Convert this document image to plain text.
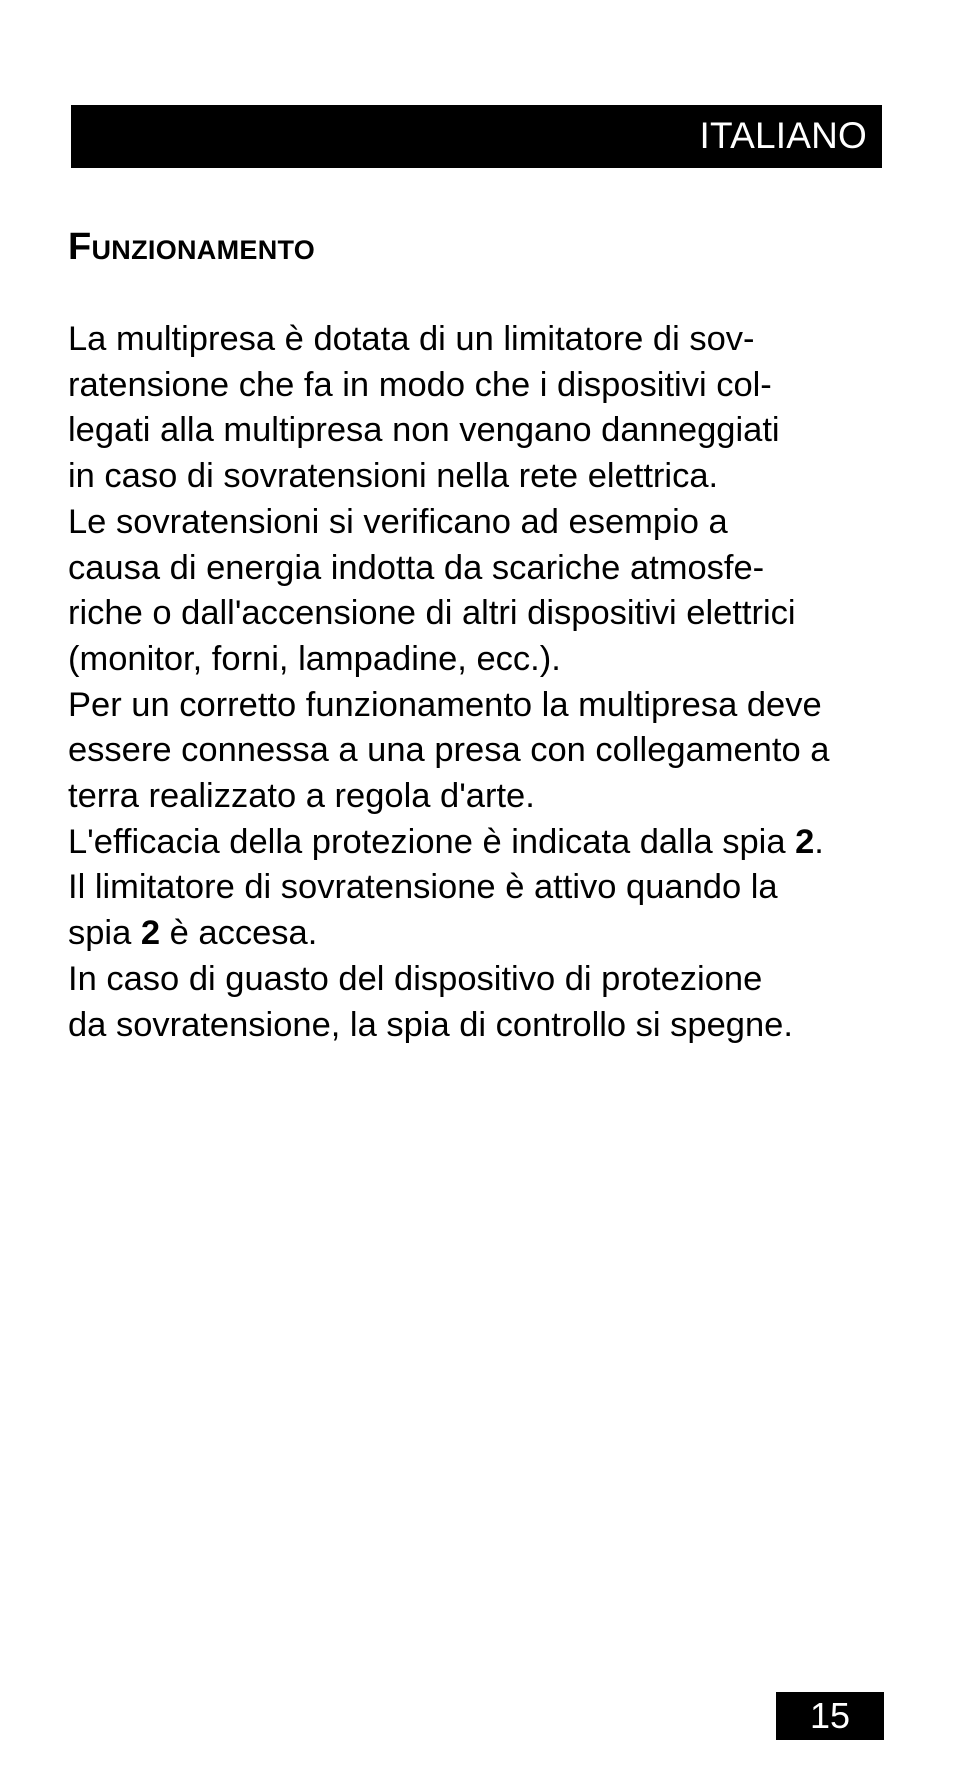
ITALIANO
Funzionamento
La multipresa è dotata di un limitatore di sov-
ratensione che fa in modo che i dispositivi col-
legati alla multipresa non vengano danneggiati
in caso di sovratensioni nella rete elettrica.
Le sovratensioni si verificano ad esempio a
causa di energia indotta da scariche atmosfe-
riche o dall'accensione di altri dispositivi elettrici
(monitor, forni, lampadine, ecc.).
Per un corretto funzionamento la multipresa deve
essere connessa a una presa con collegamento a
terra realizzato a regola d'arte.
L'efficacia della protezione è indicata dalla spia 2.
Il limitatore di sovratensione è attivo quando la
spia 2 è accesa.
In caso di guasto del dispositivo di protezione
da sovratensione, la spia di controllo si spegne.
15
